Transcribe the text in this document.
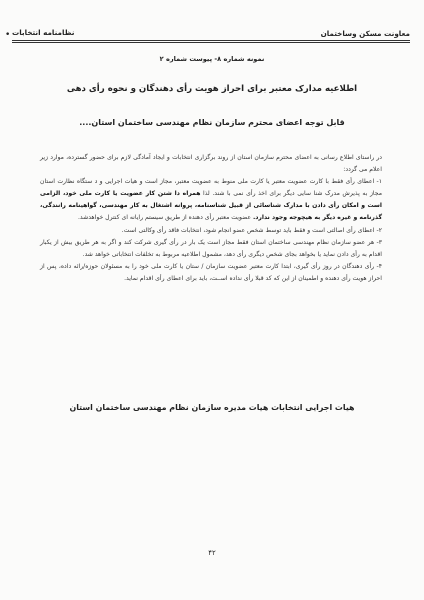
•	معاونت مسکن وساختمان
نظامنامه انتخابات
نمونه شماره ۸- پیوست شماره ۲
اطلاعیه مدارک معتبر برای احراز هویت رأی دهندگان و نحوه رأی دهی
قابل توجه اعضای محترم سازمان نظام مهندسی ساختمان استان....

در راستای اطلاع رسانی به اعضای محترم سازمان استان از روند برگزاری انتخابات و ایجاد آمادگی لازم برای حضور گسترده، موارد زیر اعلام می گردد:

۱- اعطای رأی فقط با کارت عضویت معتبر یا کارت ملی منوط به عضویت معتبر، مجاز است و هیات اجرایی و د ستگاه نظارت استان مجاز به پذیرش مدرک شنا سایی دیگر برای اخذ رأی نمی با شند. لذا همراه دا شتن کار عضویت یا کارت ملی خود، الزامی است و امکان رأی دادن با مدارک شناسائی از قبیل شناسنامه، پروانه اشتغال به کار مهندسی، گواهینامه رانندگی، گذرنامه و غیره دیگر به هیچوجه وجود ندارد. عضویت معتبر رأی دهنده از طریق سیستم رایانه ای کنترل خواهدشد.

۲- اعطای رأی اصالتی است و فقط باید توسط شخص عضو انجام شود، انتخابات فاقد رأی وکالتی است.

۳- هر عضو سازمان نظام مهندسی ساختمان استان فقط مجاز است یک بار در رأی گیری شرکت کند و اگر به هر طریق بیش از یکبار اقدام به رأی دادن نماید یا بخواهد بجای شخص دیگری رأی دهد، مشمول اطلاعیه مربوط به تخلفات انتخاباتی خواهد شد.

۴- رأی دهندگان در روز رأی گیری، ابتدا کارت معتبر عضویت سازمان / ستان یا کارت ملی خود را به مسئولان حوزه/رائه داده، پس از احراز هویت رأی دهنده و اطمینان از این که کد قبلا رأی نداده اســت، باید برای اعطای رأی اقدام نماید.

هیات اجرایی انتخابات هیات مدیره سازمان نظام مهندسی ساختمان استان
۴۲
